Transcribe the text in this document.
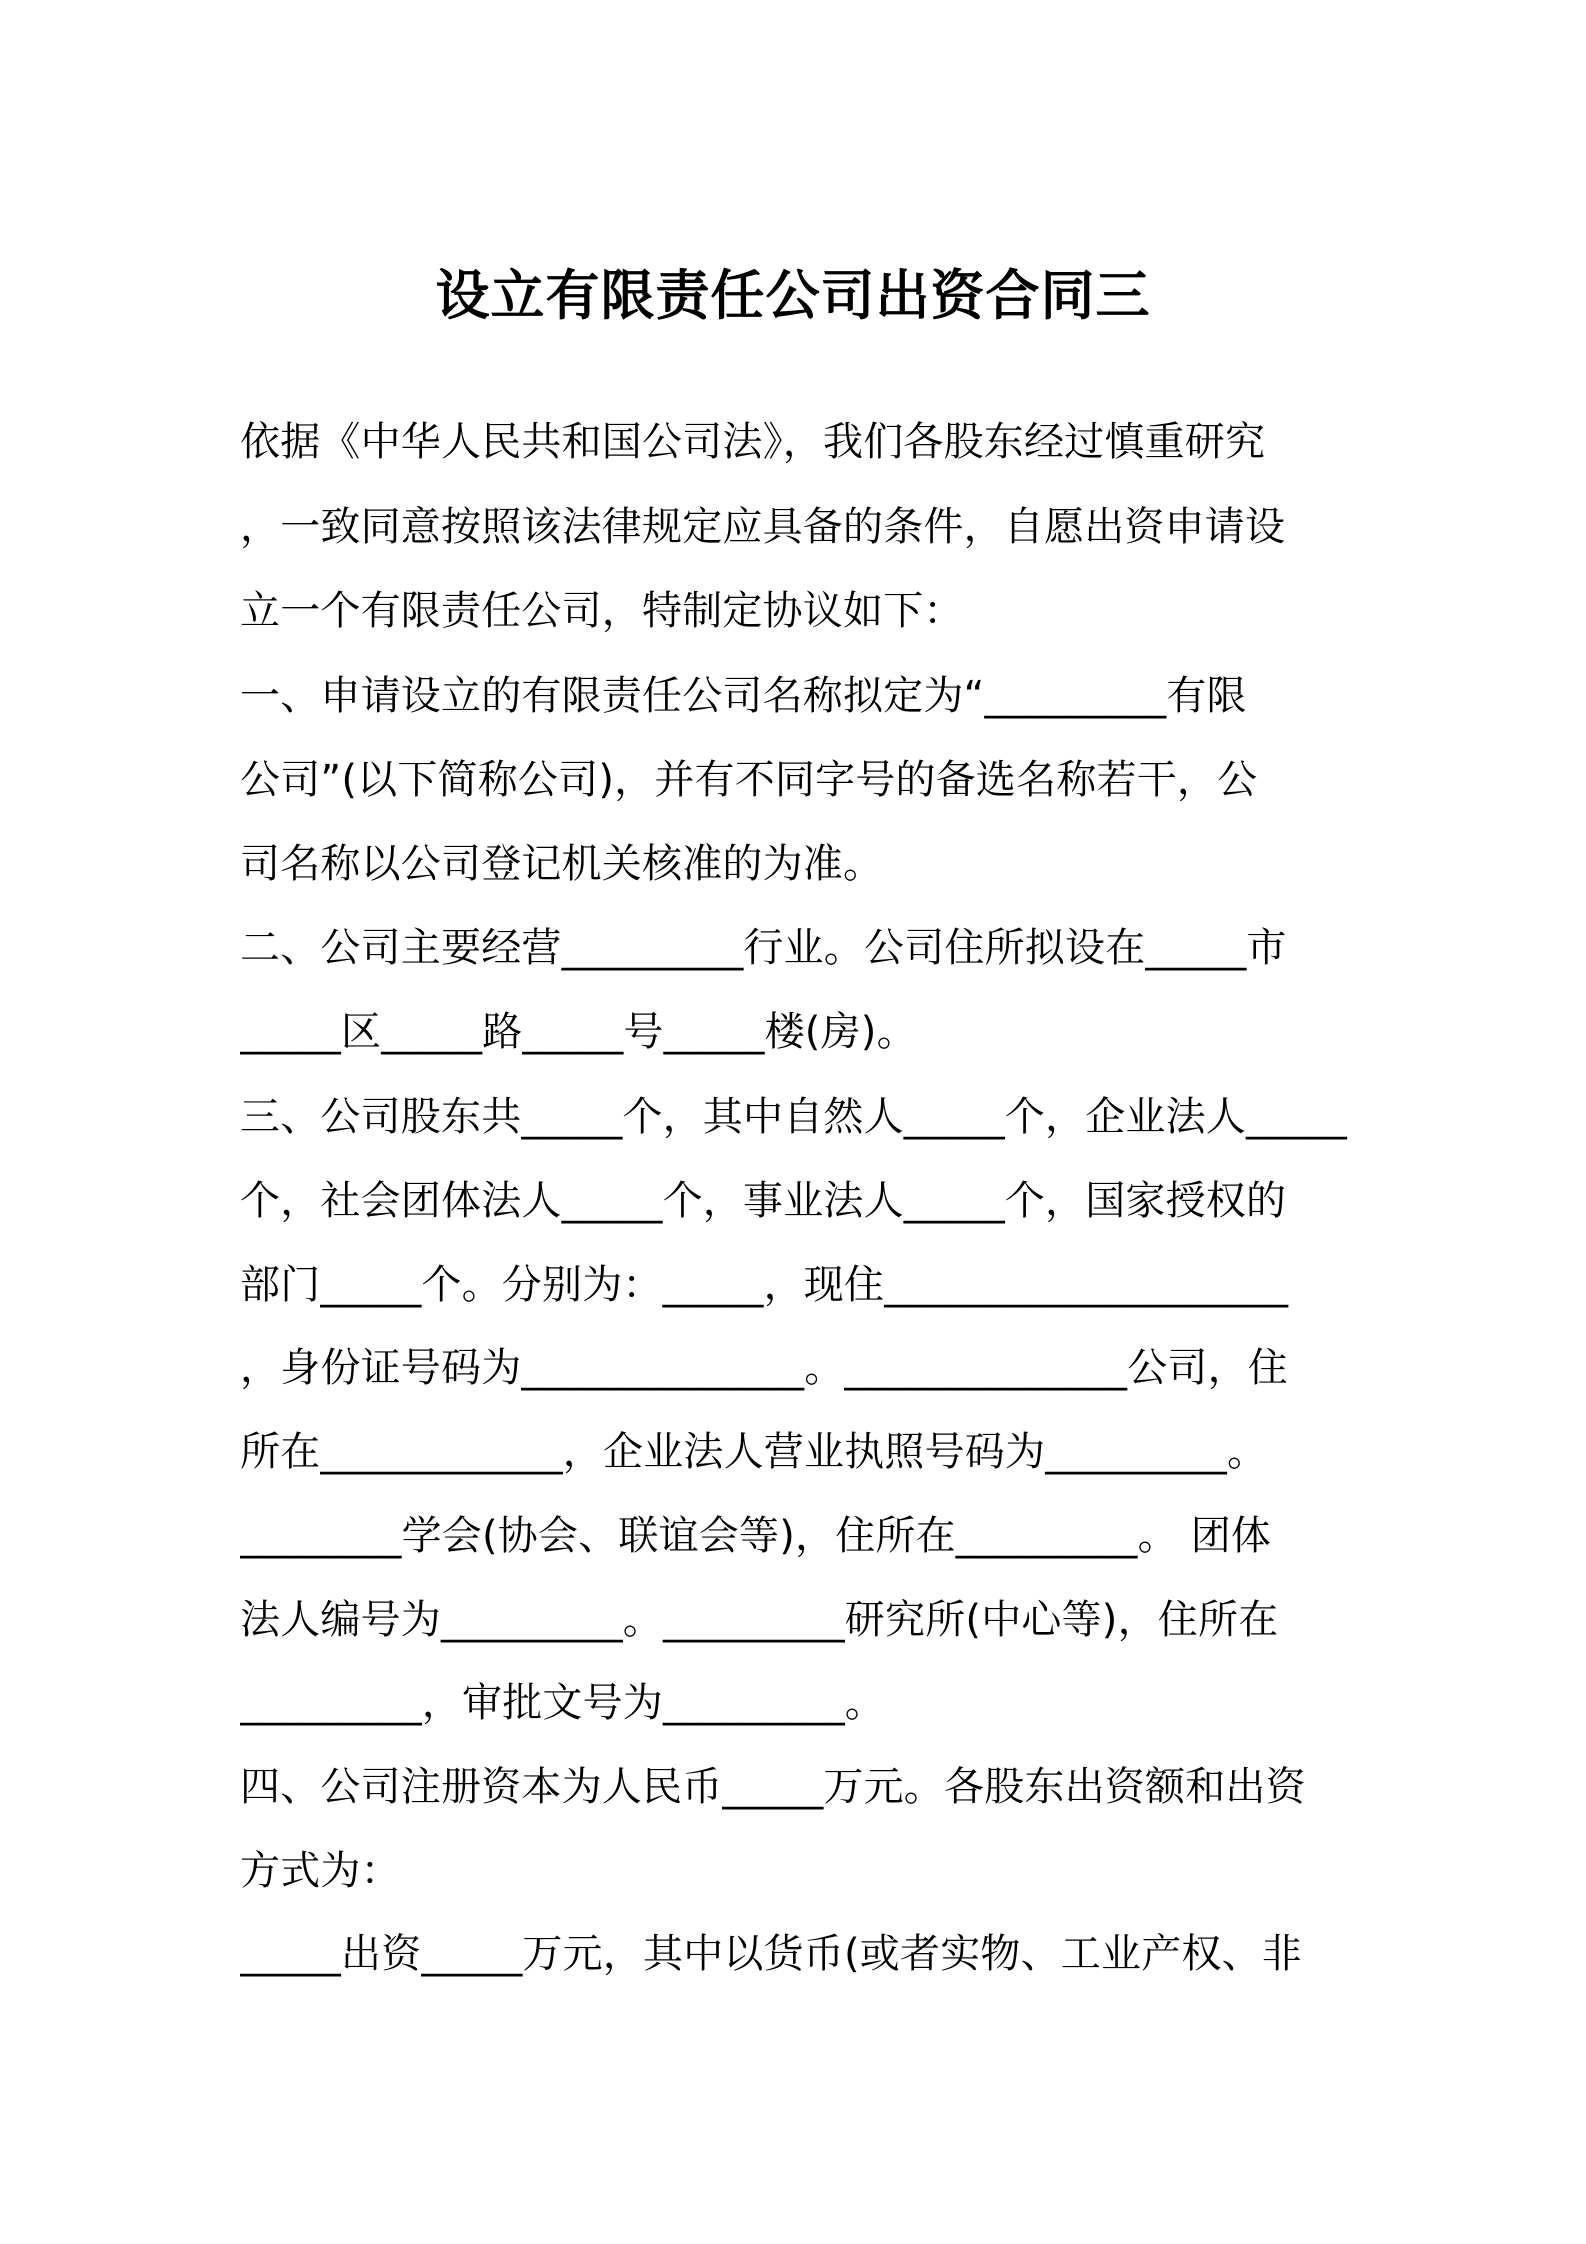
设立有限责任公司出资合同三
依据《中华人民共和国公司法》，我们各股东经过慎重研究
，一致同意按照该法律规定应具备的条件，自愿出资申请设
立一个有限责任公司，特制定协议如下：
一、申请设立的有限责任公司名称拟定为“_________有限
公司”(以下简称公司)，并有不同字号的备选名称若干，公
司名称以公司登记机关核准的为准。
二、公司主要经营_________行业。公司住所拟设在_____市
_____区_____路_____号_____楼(房)。
三、公司股东共_____个，其中自然人_____个，企业法人_____
个，社会团体法人_____个，事业法人_____个，国家授权的
部门_____个。分别为：_____，现住____________________
，身份证号码为______________。______________公司，住
所在____________，企业法人营业执照号码为_________。
________学会(协会、联谊会等)，住所在_________。 团体
法人编号为_________。_________研究所(中心等)，住所在
_________，审批文号为_________。
四、公司注册资本为人民币_____万元。各股东出资额和出资
方式为：
_____出资_____万元，其中以货币(或者实物、工业产权、非
